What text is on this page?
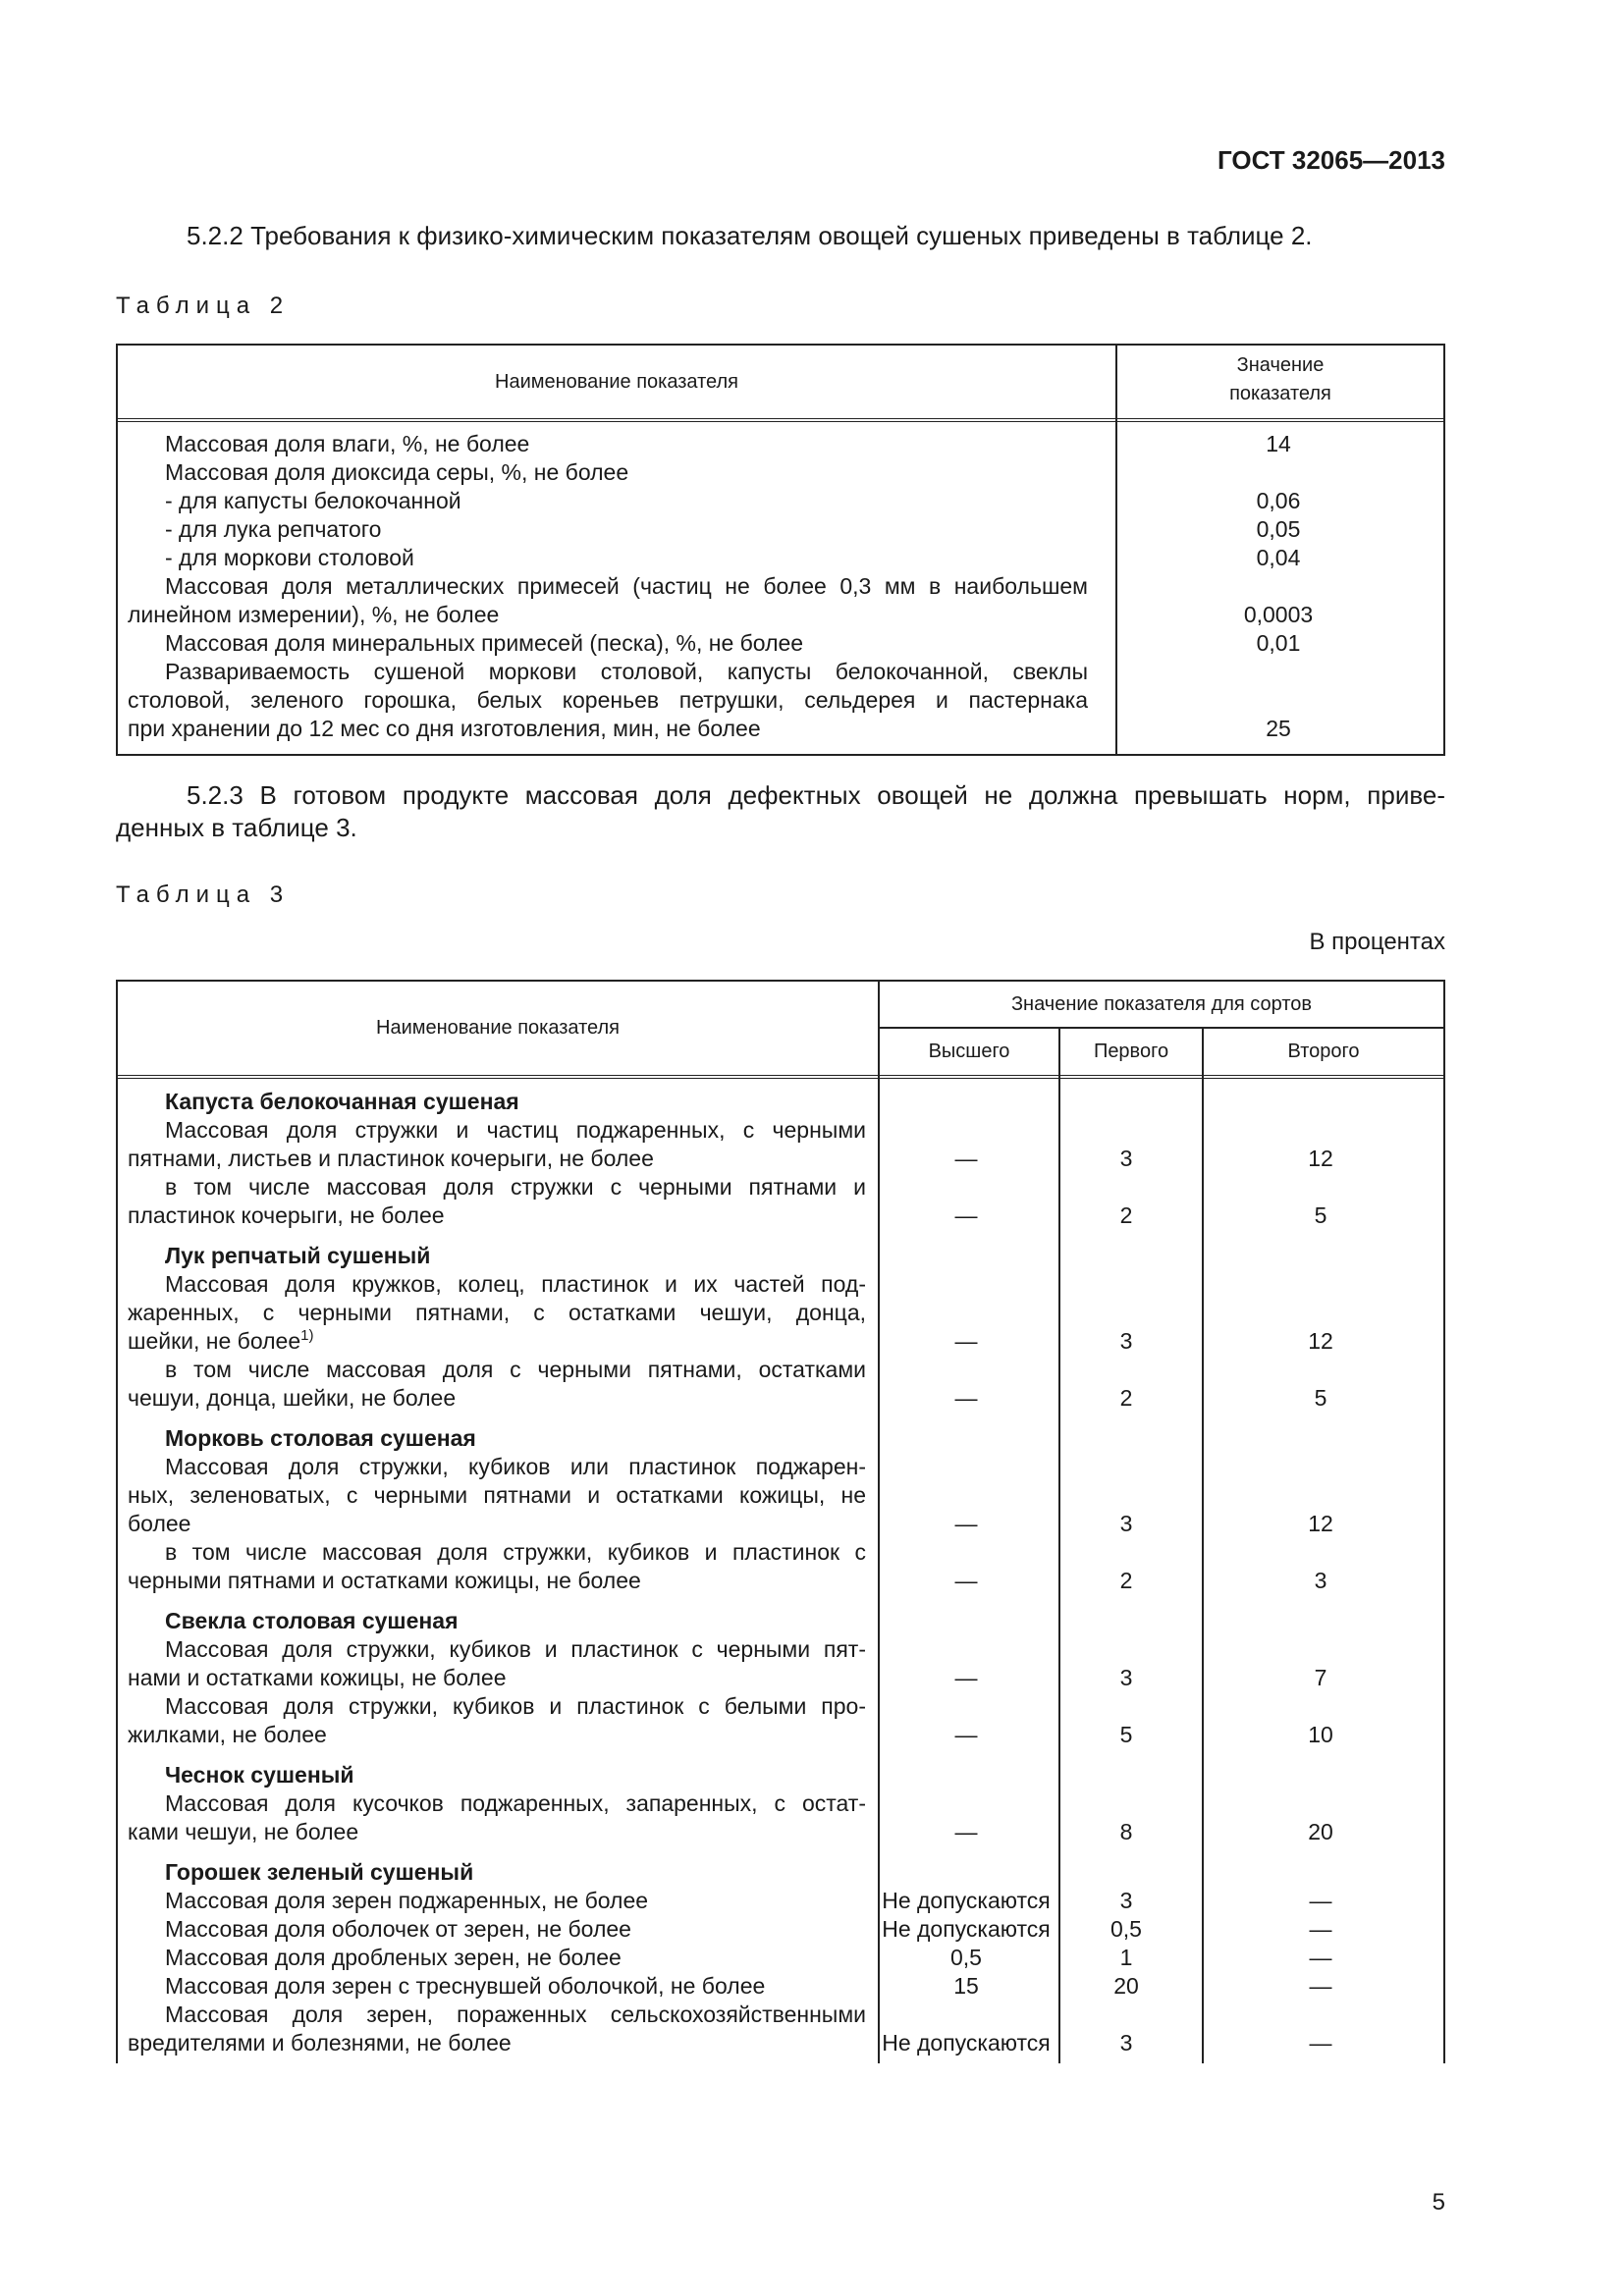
ГОСТ 32065—2013
5.2.2 Требования к физико-химическим показателям овощей сушеных приведены в таблице 2.
Таблица 2
Наименование показателя
Значение
показателя
Массовая доля влаги, %, не более	14
Массовая доля диоксида серы, %, не более
- для капусты белокочанной	0,06
- для лука репчатого	0,05
- для моркови столовой	0,04
Массовая доля металлических примесей (частиц не более 0,3 мм в наибольшем
линейном измерении), %, не более	0,0003
Массовая доля минеральных примесей (песка), %, не более	0,01
Развариваемость сушеной моркови столовой, капусты белокочанной, свеклы
столовой, зеленого горошка, белых кореньев петрушки, сельдерея и пастернака
при хранении до 12 мес со дня изготовления, мин, не более	25
5.2.3 В готовом продукте массовая доля дефектных овощей не должна превышать норм, приве-
денных в таблице 3.
Таблица 3
В процентах
Наименование показателя
Значение показателя для сортов
Высшего	Первого	Второго
Капуста белокочанная сушеная
Массовая доля стружки и частиц поджаренных, с черными
пятнами, листьев и пластинок кочерыги, не более	—	3	12
в том числе массовая доля стружки с черными пятнами и
пластинок кочерыги, не более	—	2	5
Лук репчатый сушеный
Массовая доля кружков, колец, пластинок и их частей под-
жаренных, с черными пятнами, с остатками чешуи, донца,
шейки, не более$^{1)}$	—	3	12
в том числе массовая доля с черными пятнами, остатками
чешуи, донца, шейки, не более	—	2	5
Морковь столовая сушеная
Массовая доля стружки, кубиков или пластинок поджарен-
ных, зеленоватых, с черными пятнами и остатками кожицы, не
более	—	3	12
в том числе массовая доля стружки, кубиков и пластинок с
черными пятнами и остатками кожицы, не более	—	2	3
Свекла столовая сушеная
Массовая доля стружки, кубиков и пластинок с черными пят-
нами и остатками кожицы, не более	—	3	7
Массовая доля стружки, кубиков и пластинок с белыми про-
жилками, не более	—	5	10
Чеснок сушеный
Массовая доля кусочков поджаренных, запаренных, с остат-
ками чешуи, не более	—	8	20
Горошек зеленый сушеный
Массовая доля зерен поджаренных, не более	Не допускаются	3	—
Массовая доля оболочек от зерен, не более	Не допускаются	0,5	—
Массовая доля дробленых зерен, не более	0,5	1	—
Массовая доля зерен с треснувшей оболочкой, не более	15	20	—
Массовая доля зерен, пораженных сельскохозяйственными
вредителями и болезнями, не более	Не допускаются	3	—
5
